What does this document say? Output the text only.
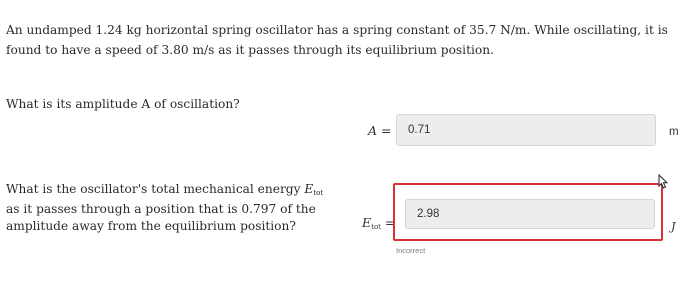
An undamped 1.24 kg horizontal spring oscillator has a spring constant of 35.7 N/m. While oscillating, it is found to have a speed of 3.80 m/s as it passes through its equilibrium position.
What is its amplitude A of oscillation?
A = 0.71	m
What is the oscillator's total mechanical energy Etot as it passes through a position that is 0.797 of the amplitude away from the equilibrium position?	Etot =
2.98
J
Incorrect
